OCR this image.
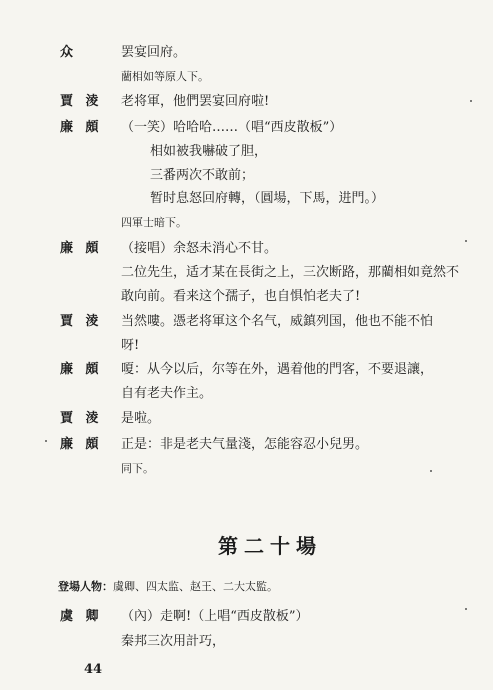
众	罢宴回府。
藺相如等原人下。
賈 淩 老将軍，他們罢宴回府啦!
廉 頗 （一笑）哈哈哈……（唱“西皮散板”）
相如被我嚇破了胆，
三番两次不敢前；
暂时息怒回府轉，（圓場，下馬，进門。）
四軍士暗下。
廉 頗 （接唱）余怒未消心不甘。
二位先生，适才某在長街之上，三次断路，那藺相如竟然不
敢向前。看来这个孺子，也自惧怕老夫了!
賈 淩 当然嘍。憑老将軍这个名气，威鎮列国，他也不能不怕
呀!
廉 頗 嗄：从今以后，尔等在外，遇着他的門客，不要退讓，
自有老夫作主。
賈 淩 是啦。
廉 頗 正是：非是老夫气量淺，怎能容忍小兒男。
同下。
第二十場
登場人物：虞卿、四太监、赵王、二大太監。
虞 卿 （內）走啊!（上唱“西皮散板”）
秦邦三次用計巧，
44
